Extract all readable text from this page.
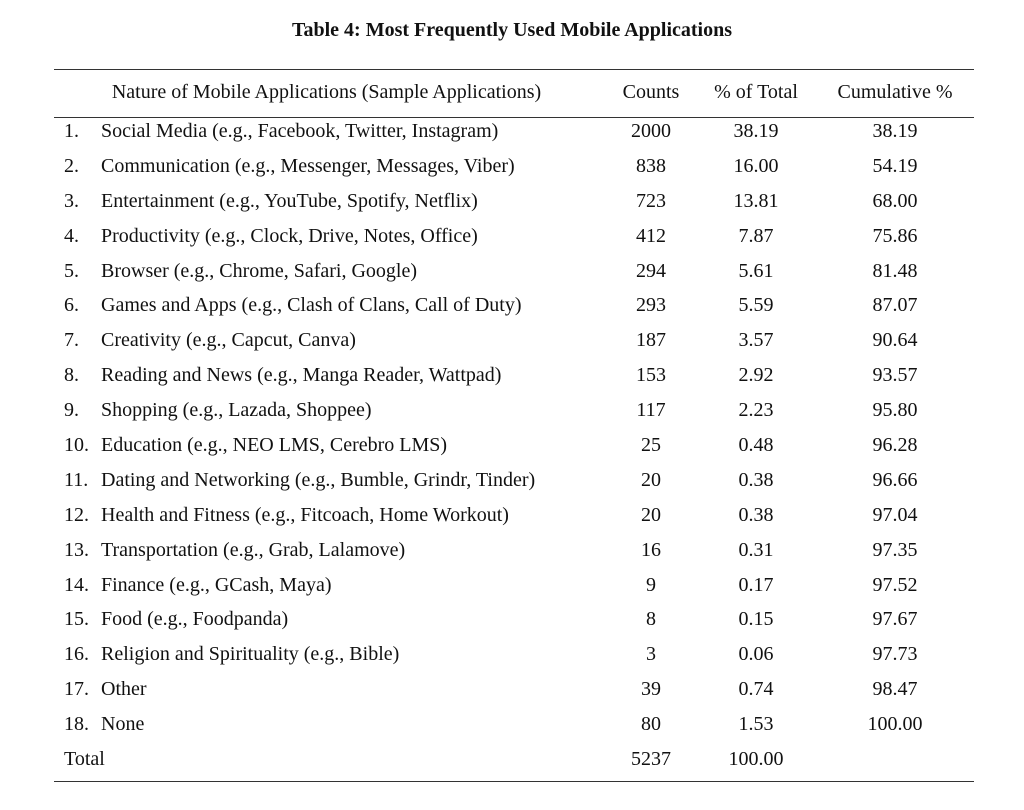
Table 4: Most Frequently Used Mobile Applications
Nature of Mobile Applications (Sample Applications)	Counts	% of Total	Cumulative %
1.	Social Media (e.g., Facebook, Twitter, Instagram)	2000	38.19	38.19
2.	Communication (e.g., Messenger, Messages, Viber)	838	16.00	54.19
3.	Entertainment (e.g., YouTube, Spotify, Netflix)	723	13.81	68.00
4.	Productivity (e.g., Clock, Drive, Notes, Office)	412	7.87	75.86
5.	Browser (e.g., Chrome, Safari, Google)	294	5.61	81.48
6.	Games and Apps (e.g., Clash of Clans, Call of Duty)	293	5.59	87.07
7.	Creativity (e.g., Capcut, Canva)	187	3.57	90.64
8.	Reading and News (e.g., Manga Reader, Wattpad)	153	2.92	93.57
9.	Shopping (e.g., Lazada, Shoppee)	117	2.23	95.80
10. Education (e.g., NEO LMS, Cerebro LMS)	25	0.48	96.28
11. Dating and Networking (e.g., Bumble, Grindr, Tinder)	20	0.38	96.66
12. Health and Fitness (e.g., Fitcoach, Home Workout)	20	0.38	97.04
13. Transportation (e.g., Grab, Lalamove)	16	0.31	97.35
14. Finance (e.g., GCash, Maya)	9	0.17	97.52
15. Food (e.g., Foodpanda)	8	0.15	97.67
16. Religion and Spirituality (e.g., Bible)	3	0.06	97.73
17. Other	39	0.74	98.47
18. None	80	1.53	100.00
Total	5237	100.00
